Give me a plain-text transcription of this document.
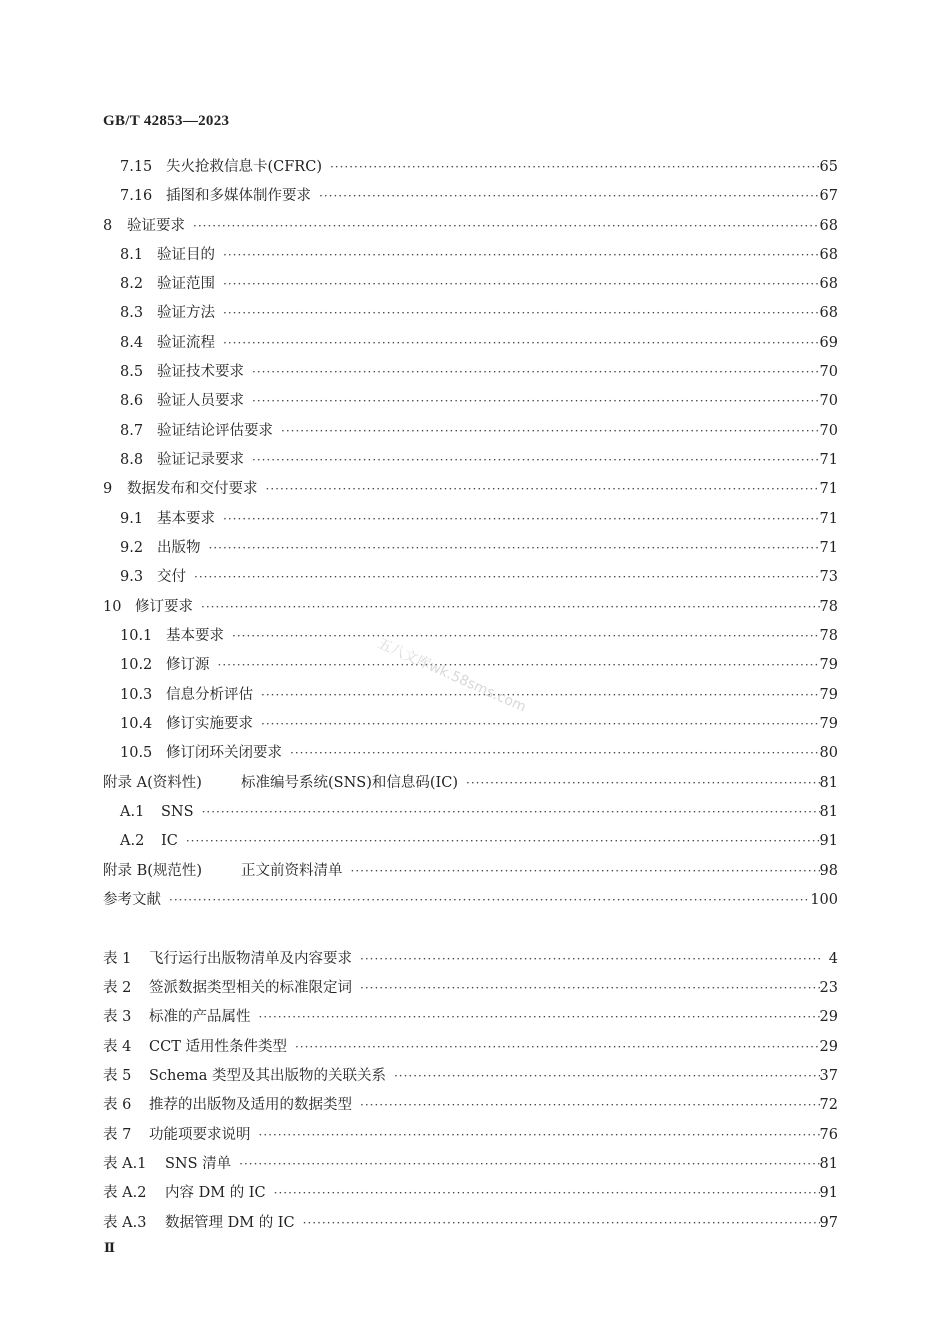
GB/T 42853—2023
7.15 失火抢救信息卡(CFRC) ·····	65
7.16 插图和多媒体制作要求 ·····	67
8	验证要求 ·····	68
8.1 验证目的 ·····	68
8.2 验证范围 ·····	68
8.3 验证方法 ·····	68
8.4 验证流程 ·····	69
8.5 验证技术要求 ·····	70
8.6 验证人员要求 ·····	70
8.7 验证结论评估要求 ·····	70
8.8 验证记录要求 ·····	71
9	数据发布和交付要求 ·····	71
9.1 基本要求 ·····	71
9.2 出版物 ·····	71
9.3 交付 ·····	73
10 修订要求 ·····	78
10.1 基本要求 ·····	78
10.2 修订源 ·····	79
10.3 信息分析评估 ·····	79
10.4 修订实施要求 ·····	79
10.5 修订闭环关闭要求 ·····	80
附录 A(资料性)	标准编号系统(SNS)和信息码(IC) ·····	81
A.1	SNS ·····	81
A.2	IC ·····	91
附录 B(规范性)	正文前资料清单 ·····	98
参考文献 ·····	100
表 1	飞行运行出版物清单及内容要求 ·····	4
表 2	签派数据类型相关的标准限定词 ·····	23
表 3	标准的产品属性 ·····	29
表 4	CCT 适用性条件类型 ·····	29
表 5	Schema 类型及其出版物的关联关系 ·····	37
表 6	推荐的出版物及适用的数据类型 ·····	72
表 7	功能项要求说明 ·····	76
表 A.1	SNS 清单 ·····	81
表 A.2	内容 DM 的 IC ·····	91
表 A.3	数据管理 DM 的 IC ·····	97
五八文库wk.58sms.com
Ⅱ
